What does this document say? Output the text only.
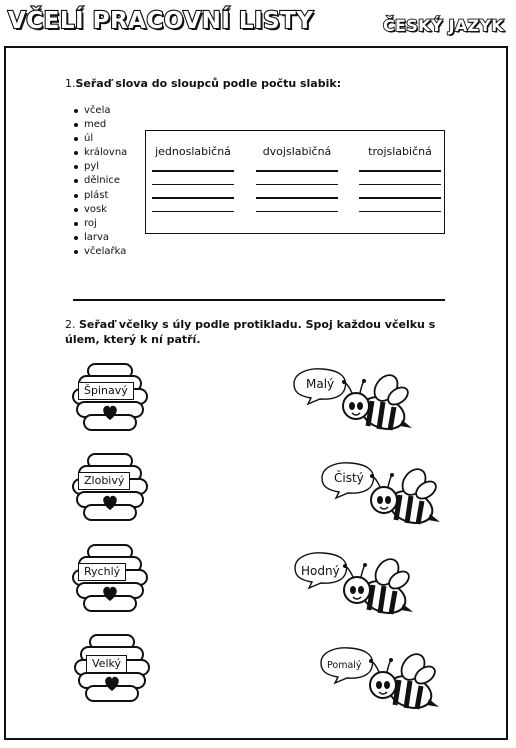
VČELÍ PRACOVNÍ LISTY	ČESKÝ JAZYK
1.Seřaď slova do sloupců podle počtu slabik:
včela
med
úl
královna
pyl
dělnice
plást
vosk
roj
larva
včelařka
jednoslabičná	dvojslabičná	trojslabičná
2. Seřaď včelky s úly podle protikladu. Spoj každou včelku s úlem, který k ní patří.
Špinavý
Zlobivý
Rychlý
Velký
Malý
Čistý
Hodný
Pomalý
